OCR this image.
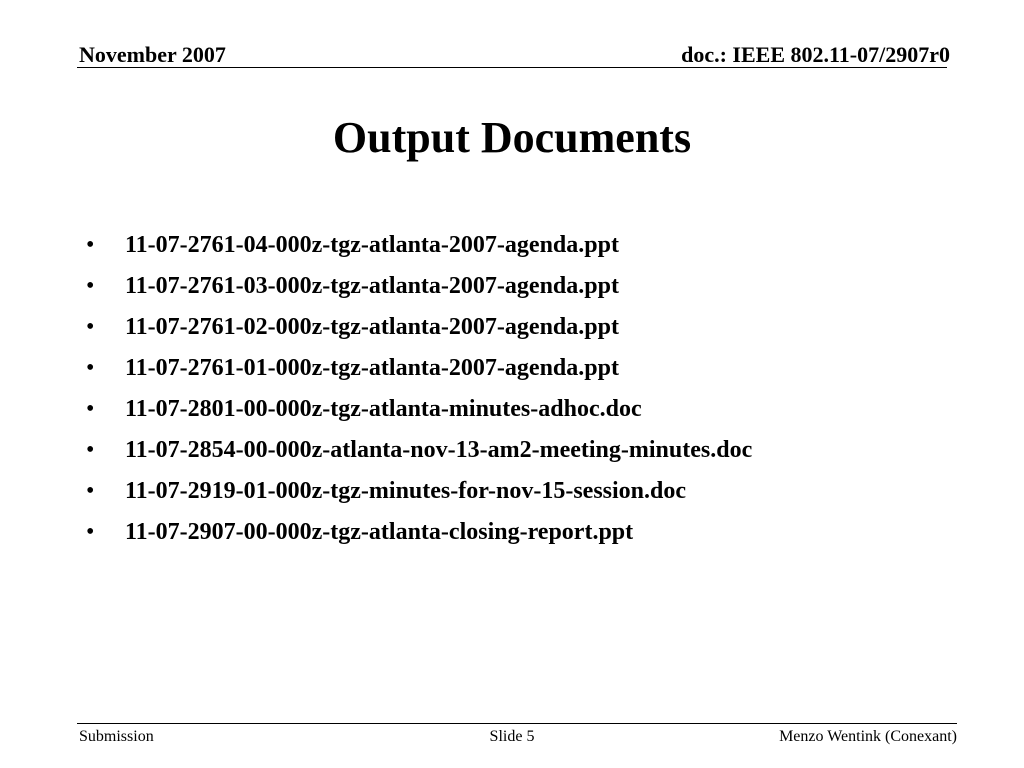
November 2007	doc.: IEEE 802.11-07/2907r0
Output Documents
•	11-07-2761-04-000z-tgz-atlanta-2007-agenda.ppt
•	11-07-2761-03-000z-tgz-atlanta-2007-agenda.ppt
•	11-07-2761-02-000z-tgz-atlanta-2007-agenda.ppt
•	11-07-2761-01-000z-tgz-atlanta-2007-agenda.ppt
•	11-07-2801-00-000z-tgz-atlanta-minutes-adhoc.doc
•	11-07-2854-00-000z-atlanta-nov-13-am2-meeting-minutes.doc
•	11-07-2919-01-000z-tgz-minutes-for-nov-15-session.doc
•	11-07-2907-00-000z-tgz-atlanta-closing-report.ppt
Submission	Slide 5	Menzo Wentink (Conexant)
